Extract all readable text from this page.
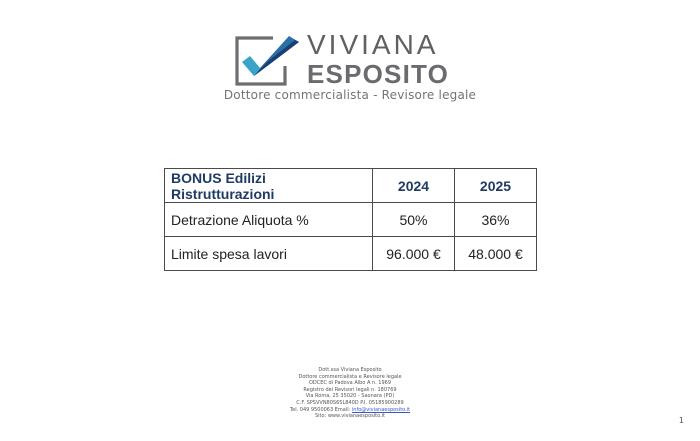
VIVIANA
ESPOSITO
Dottore commercialista - Revisore legale
BONUS Edilizi Ristrutturazioni	2024	2025
Detrazione Aliquota %	50%	36%
Limite spesa lavori	96.000 €	48.000 €
Dott.ssa Viviana Esposito
Dottore commercialista e Revisore legale
ODCEC di Padova Albo A n. 1969
Registro dei Revisori legali n. 180769
Via Roma, 25 35020 - Saonara (PD)
C.F. SPSVVN80S65L840D P.I. 05185900289
Tel. 049 9500063 Email: info@vivianaesposito.it
Sito: www.vivianaesposito.it	1
